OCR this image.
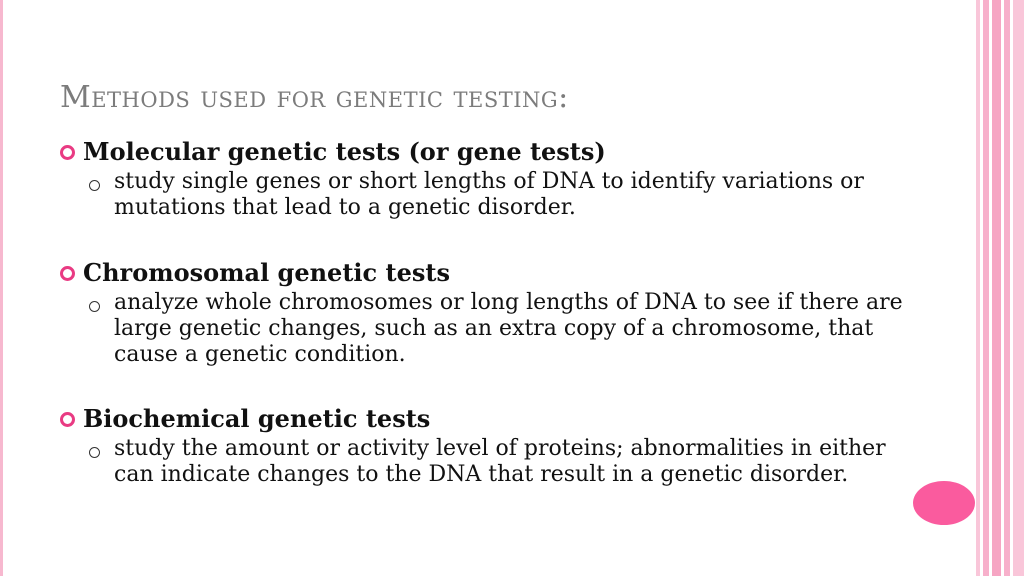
Methods used for genetic testing:
Molecular genetic tests (or gene tests)
study single genes or short lengths of DNA to identify variations or mutations that lead to a genetic disorder.
Chromosomal genetic tests
analyze whole chromosomes or long lengths of DNA to see if there are large genetic changes, such as an extra copy of a chromosome, that cause a genetic condition.
Biochemical genetic tests
study the amount or activity level of proteins; abnormalities in either can indicate changes to the DNA that result in a genetic disorder.
